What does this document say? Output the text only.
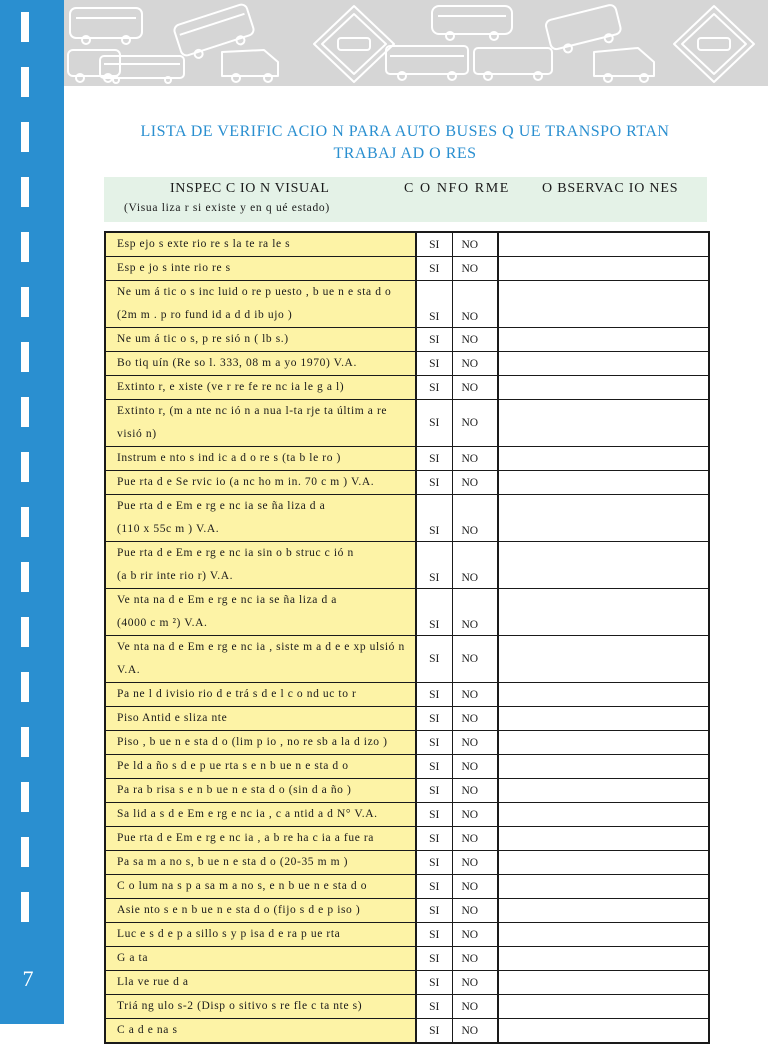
7
LISTA DE VERIFIC ACIO N PARA AUTO BUSES Q UE TRANSPO RTAN
TRABAJ AD O RES
INSPEC C IO N VISUAL
(Visua liza r si existe y en q ué estado)
C O NFO RME O BSERVAC IO NES
Esp ejo s exte rio re s la te ra le s	SI	NO	

Esp e jo s inte rio re s	SI	NO	

Ne um á tic o s inc luid o re p uesto , b ue n e sta d o
(2m m . p ro fund id a d d ib ujo )	SI	NO	

Ne um á tic o s, p re sió n ( lb s.)	SI	NO	

Bo tiq uín (Re so l. 333, 08 m a yo 1970) V.A.	SI	NO	

Extinto r, e xiste (ve r re fe re nc ia le g a l)	SI	NO	

Extinto r, (m a nte nc ió n a nua l-ta rje ta últim a re visió n)	SI	NO	

Instrum e nto s ind ic a d o re s (ta b le ro )	SI	NO	

Pue rta d e Se rvic io (a nc ho m in. 70 c m ) V.A.	SI	NO	

Pue rta d e Em e rg e nc ia se ña liza d a
(110 x 55c m ) V.A.	SI	NO	

Pue rta d e Em e rg e nc ia sin o b struc c ió n
(a b rir inte rio r) V.A.	SI	NO	

Ve nta na d e Em e rg e nc ia se ña liza d a
(4000 c m ²) V.A.	SI	NO	

Ve nta na d e Em e rg e nc ia , siste m a d e e xp ulsió n V.A.	SI	NO	

Pa ne l d ivisio rio d e trá s d e l c o nd uc to r	SI	NO	

Piso Antid e sliza nte	SI	NO	

Piso , b ue n e sta d o (lim p io , no re sb a la d izo )	SI	NO	

Pe ld a ño s d e p ue rta s e n b ue n e sta d o	SI	NO	

Pa ra b risa s e n b ue n e sta d o (sin d a ño )	SI	NO	

Sa lid a s d e Em e rg e nc ia , c a ntid a d N° V.A.	SI	NO	

Pue rta d e Em e rg e nc ia , a b re ha c ia a fue ra	SI	NO	

Pa sa m a no s, b ue n e sta d o (20-35 m m )	SI	NO	

C o lum na s p a sa m a no s, e n b ue n e sta d o	SI	NO	

Asie nto s e n b ue n e sta d o (fijo s d e p iso )	SI	NO	

Luc e s d e p a sillo s y p isa d e ra p ue rta	SI	NO	

G a ta	SI	NO	

Lla ve rue d a	SI	NO	

Triá ng ulo s-2 (Disp o sitivo s re fle c ta nte s)	SI	NO	

C a d e na s	SI	NO	
